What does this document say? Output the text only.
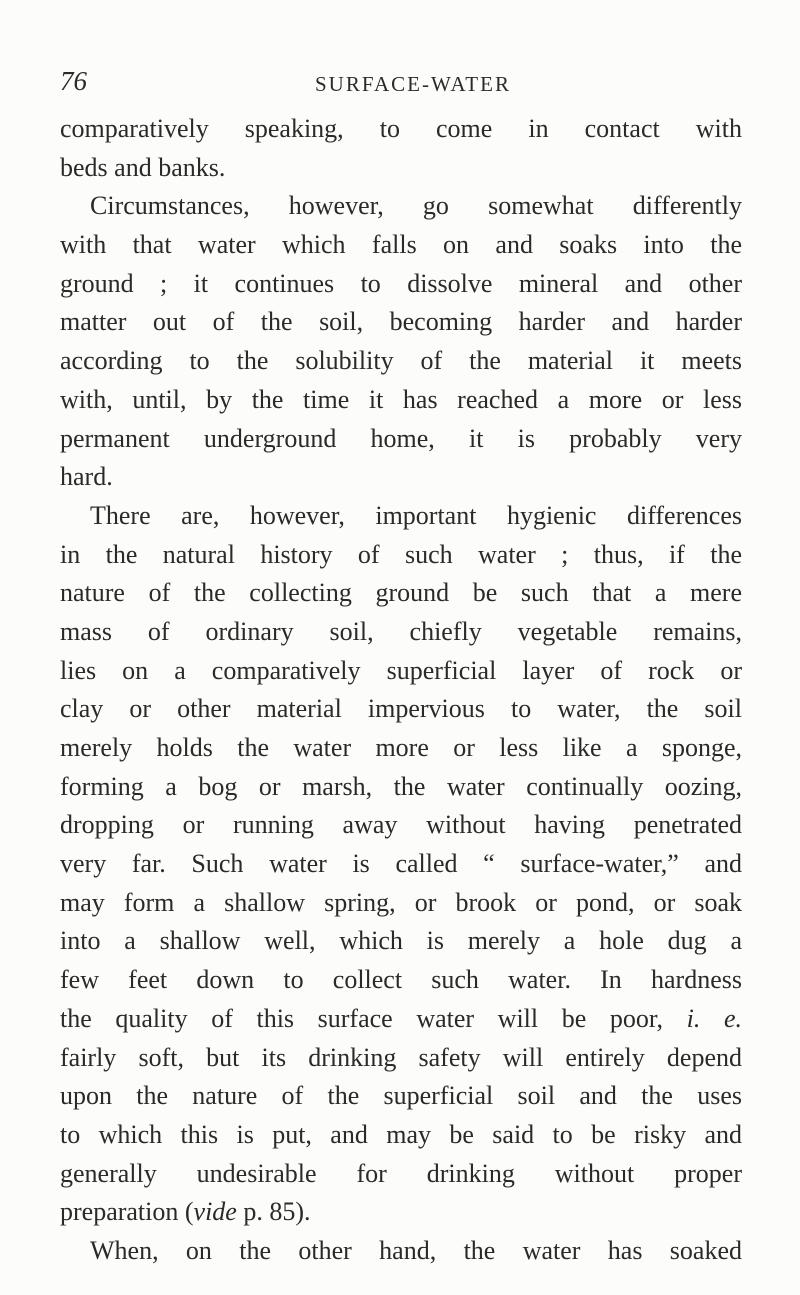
76	SURFACE-WATER
comparatively speaking, to come in contact with
beds and banks.
Circumstances, however, go somewhat differently
with that water which falls on and soaks into the
ground ; it continues to dissolve mineral and other
matter out of the soil, becoming harder and harder
according to the solubility of the material it meets
with, until, by the time it has reached a more or less
permanent underground home, it is probably very
hard.
There are, however, important hygienic differences
in the natural history of such water ; thus, if the
nature of the collecting ground be such that a mere
mass of ordinary soil, chiefly vegetable remains,
lies on a comparatively superficial layer of rock or
clay or other material impervious to water, the soil
merely holds the water more or less like a sponge,
forming a bog or marsh, the water continually oozing,
dropping or running away without having penetrated
very far. Such water is called “ surface-water,” and
may form a shallow spring, or brook or pond, or soak
into a shallow well, which is merely a hole dug a
few feet down to collect such water. In hardness
the quality of this surface water will be poor, i. e.
fairly soft, but its drinking safety will entirely depend
upon the nature of the superficial soil and the uses
to which this is put, and may be said to be risky and
generally undesirable for drinking without proper
preparation (vide p. 85).
When, on the other hand, the water has soaked
